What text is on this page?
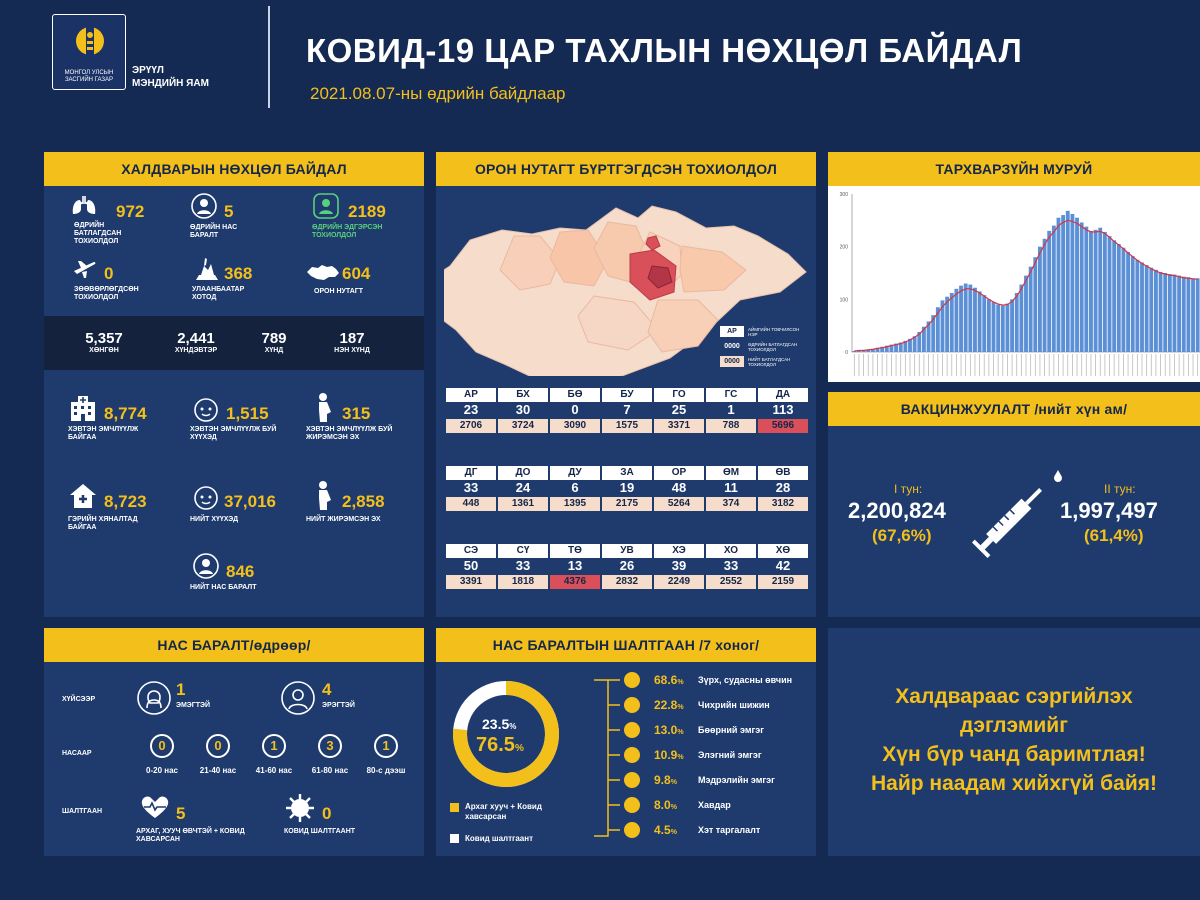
МОНГОЛ УЛСЫН
ЗАСГИЙН ГАЗАР
ЭРҮҮЛ
МЭНДИЙН ЯАМ
КОВИД-19 ЦАР ТАХЛЫН НӨХЦӨЛ БАЙДАЛ
2021.08.07-ны өдрийн байдлаар
ХАЛДВАРЫН НӨХЦӨЛ БАЙДАЛ
972
ӨДРИЙН БАТЛАГДСАН ТОХИОЛДОЛ
5
ӨДРИЙН НАС БАРАЛТ
2189
ӨДРИЙН ЭДГЭРСЭН ТОХИОЛДОЛ
0
ЗӨӨВӨРЛӨГДСӨН ТОХИОЛДОЛ
368
УЛААНБААТАР ХОТОД
604
ОРОН НУТАГТ
5,357
ХӨНГӨН
2,441
ХҮНДЭВТЭР
789
ХҮНД
187
НЭН ХҮНД
8,774
ХЭВТЭН ЭМЧЛҮҮЛЖ БАЙГАА
1,515
ХЭВТЭН ЭМЧЛҮҮЛЖ БУЙ ХҮҮХЭД
315
ХЭВТЭН ЭМЧЛҮҮЛЖ БУЙ ЖИРЭМСЭН ЭХ
8,723
ГЭРИЙН ХЯНАЛТАД БАЙГАА
37,016
НИЙТ ХҮҮХЭД
2,858
НИЙТ ЖИРЭМСЭН ЭХ
846
НИЙТ НАС БАРАЛТ
ОРОН НУТАГТ БҮРТГЭГДСЭН ТОХИОЛДОЛ
АР	АЙМГИЙН ТОВЧИЛСОН НЭР
0000	ӨДРИЙН БАТЛАГДСАН ТОХИОЛДОЛ
0000	НИЙТ БАТЛАГДСАН ТОХИОЛДОЛ
АР
23
2706
БХ
30
3724
БӨ
0
3090
БУ
7
1575
ГО
25
3371
ГС
1
788
ДА
113
5696
ДГ
33
448
ДО
24
1361
ДУ
6
1395
ЗА
19
2175
ОР
48
5264
ӨМ
11
374
ӨВ
28
3182
СЭ
50
3391
СҮ
33
1818
ТӨ
13
4376
УВ
26
2832
ХЭ
39
2249
ХО
33
2552
ХӨ
42
2159
ТАРХВАРЗҮЙН МУРУЙ
0
100
200
300
ВАКЦИНЖУУЛАЛТ /нийт хүн ам/
I тун:
2,200,824
(67,6%)
II тун:
1,997,497
(61,4%)
НАС БАРАЛТ/өдрөөр/
ХҮЙСЭЭР
1
ЭМЭГТЭЙ
4
ЭРЭГТЭЙ
НАСААР
0
0-20 нас
0
21-40 нас
1
41-60 нас
3
61-80 нас
1
80-с дээш
ШАЛТГААН	5
АРХАГ, ХУУЧ ӨВЧТЭЙ + КОВИД ХАВСАРСАН
0
КОВИД ШАЛТГААНТ
НАС БАРАЛТЫН ШАЛТГААН /7 хоног/
23.5%
76.5%
Архаг хууч + Ковид хавсарсан
Ковид шалтгаант
68.6% Зүрх, судасны өвчин
22.8% Чихрийн шижин
13.0% Бөөрний эмгэг
10.9% Элэгний эмгэг
9.8% Мэдрэлийн эмгэг
8.0% Хавдар
4.5% Хэт таргалалт
Халдвараас сэргийлэх
дэглэмийг
Хүн бүр чанд баримтлая!
Найр наадам хийхгүй байя!
